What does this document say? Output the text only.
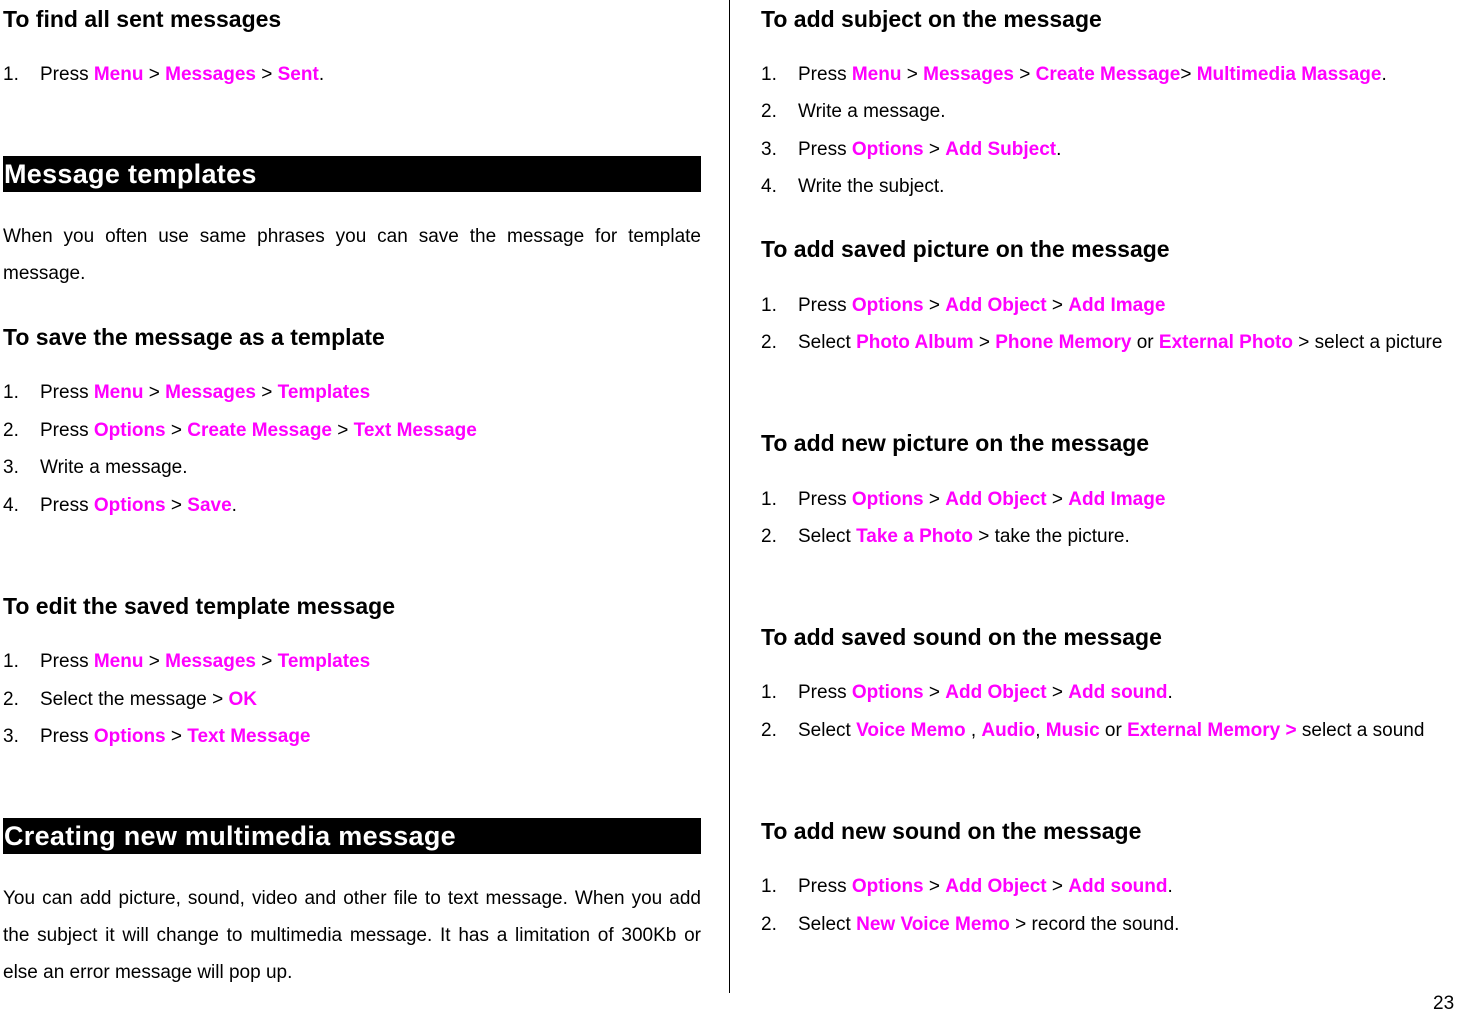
To find all sent messages
1. Press Menu > Messages > Sent.
Message templates
When you often use same phrases you can save the message for template message.
To save the message as a template
1. Press Menu > Messages > Templates
2. Press Options > Create Message > Text Message
3. Write a message.
4. Press Options > Save.
To edit the saved template message
1. Press Menu > Messages > Templates
2. Select the message > OK
3. Press Options > Text Message
Creating new multimedia message
You can add picture, sound, video and other file to text message. When you add the subject it will change to multimedia message. It has a limitation of 300Kb or else an error message will pop up.
To add subject on the message
1. Press Menu > Messages > Create Message> Multimedia Massage.
2. Write a message.
3. Press Options > Add Subject.
4. Write the subject.
To add saved picture on the message
1. Press Options > Add Object > Add Image
2. Select Photo Album > Phone Memory or External Photo > select a picture
To add new picture on the message
1. Press Options > Add Object > Add Image
2. Select Take a Photo > take the picture.
To add saved sound on the message
1. Press Options > Add Object > Add sound.
2. Select Voice Memo , Audio, Music or External Memory > select a sound
To add new sound on the message
1. Press Options > Add Object > Add sound.
2. Select New Voice Memo > record the sound.
23
